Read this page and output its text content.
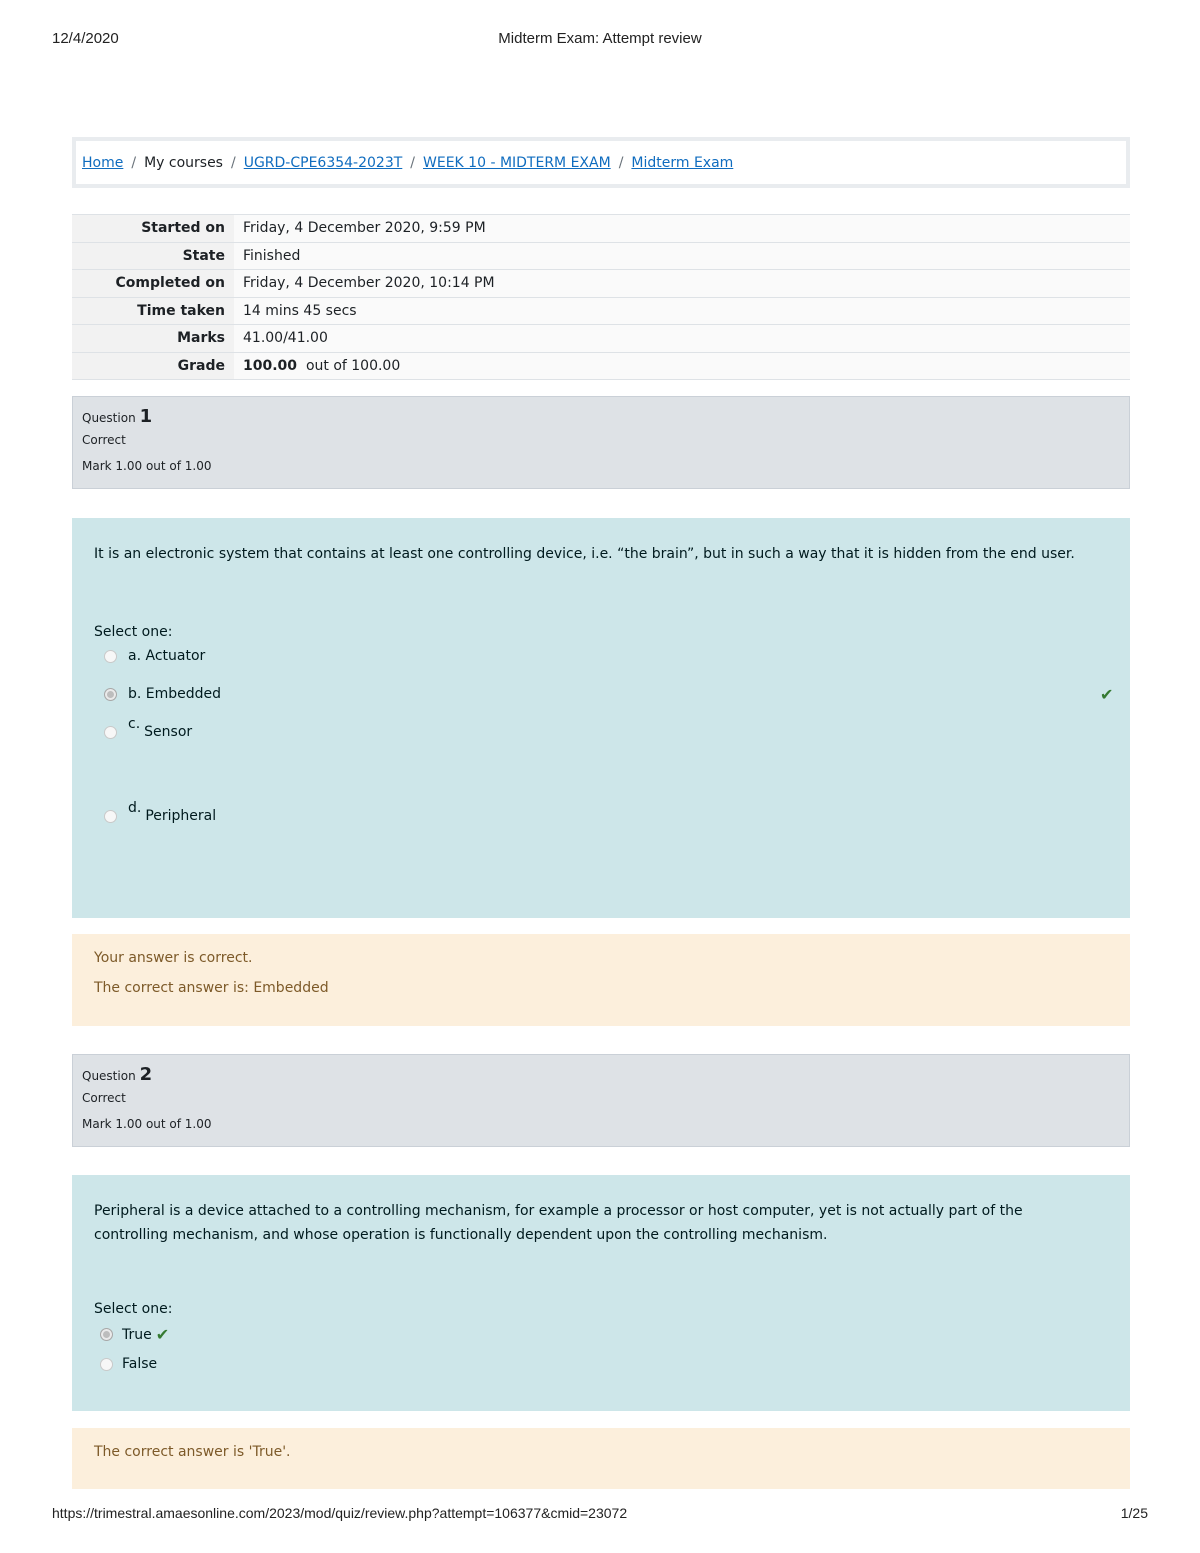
12/4/2020	Midterm Exam: Attempt review
Home / My courses / UGRD-CPE6354-2023T / WEEK 10 - MIDTERM EXAM / Midterm Exam
Started on	Friday, 4 December 2020, 9:59 PM
State	Finished
Completed on	Friday, 4 December 2020, 10:14 PM
Time taken	14 mins 45 secs
Marks	41.00/41.00
Grade	100.00 out of 100.00
Question 1
Correct
Mark 1.00 out of 1.00
It is an electronic system that contains at least one controlling device, i.e. “the brain”, but in such a way that it is hidden from the end user.
Select one:
a.
Actuator
b.
Embedded	✔
c. Sensor
d. Peripheral
Your answer is correct.
The correct answer is: Embedded
Question 2
Correct
Mark 1.00 out of 1.00
Peripheral is a device attached to a controlling mechanism, for example a processor or host computer, yet is not actually part of the controlling mechanism, and whose operation is functionally dependent upon the controlling mechanism.
Select one:
True ✔
False
The correct answer is 'True'.
https://trimestral.amaesonline.com/2023/mod/quiz/review.php?attempt=106377&cmid=23072	1/25
